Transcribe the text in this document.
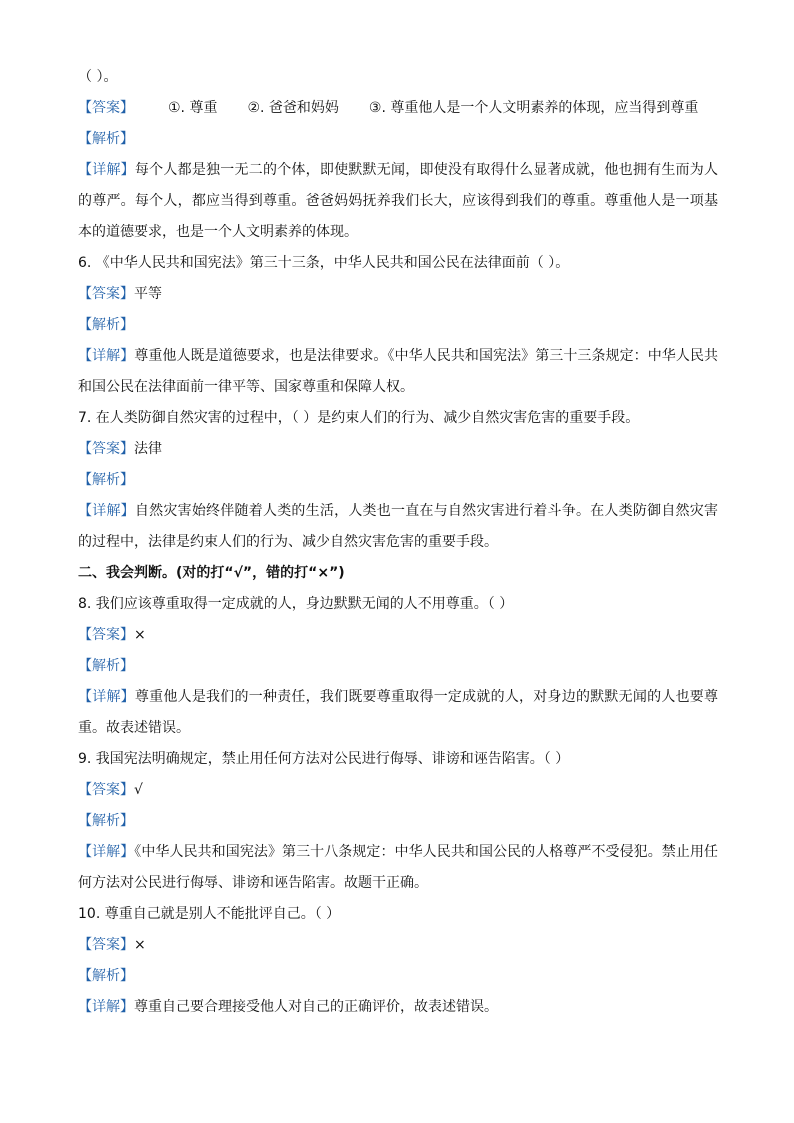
（ ）。
【答案】 ①. 尊重 ②. 爸爸和妈妈 ③. 尊重他人是一个人文明素养的体现，应当得到尊重
【解析】
【详解】每个人都是独一无二的个体，即使默默无闻，即使没有取得什么显著成就，他也拥有生而为人的尊严。每个人，都应当得到尊重。爸爸妈妈抚养我们长大，应该得到我们的尊重。尊重他人是一项基本的道德要求，也是一个人文明素养的体现。
6. 《中华人民共和国宪法》第三十三条，中华人民共和国公民在法律面前（ ）。
【答案】平等
【解析】
【详解】尊重他人既是道德要求，也是法律要求。《中华人民共和国宪法》第三十三条规定：中华人民共和国公民在法律面前一律平等、国家尊重和保障人权。
7. 在人类防御自然灾害的过程中，（ ）是约束人们的行为、减少自然灾害危害的重要手段。
【答案】法律
【解析】
【详解】自然灾害始终伴随着人类的生活，人类也一直在与自然灾害进行着斗争。在人类防御自然灾害的过程中，法律是约束人们的行为、减少自然灾害危害的重要手段。
二、我会判断。(对的打“√”，错的打“×”)
8. 我们应该尊重取得一定成就的人，身边默默无闻的人不用尊重。（ ）
【答案】×
【解析】
【详解】尊重他人是我们的一种责任，我们既要尊重取得一定成就的人，对身边的默默无闻的人也要尊重。故表述错误。
9. 我国宪法明确规定，禁止用任何方法对公民进行侮辱、诽谤和诬告陷害。（ ）
【答案】√
【解析】
【详解】《中华人民共和国宪法》第三十八条规定：中华人民共和国公民的人格尊严不受侵犯。禁止用任何方法对公民进行侮辱、诽谤和诬告陷害。故题干正确。
10. 尊重自己就是别人不能批评自己。（ ）
【答案】×
【解析】
【详解】尊重自己要合理接受他人对自己的正确评价，故表述错误。
